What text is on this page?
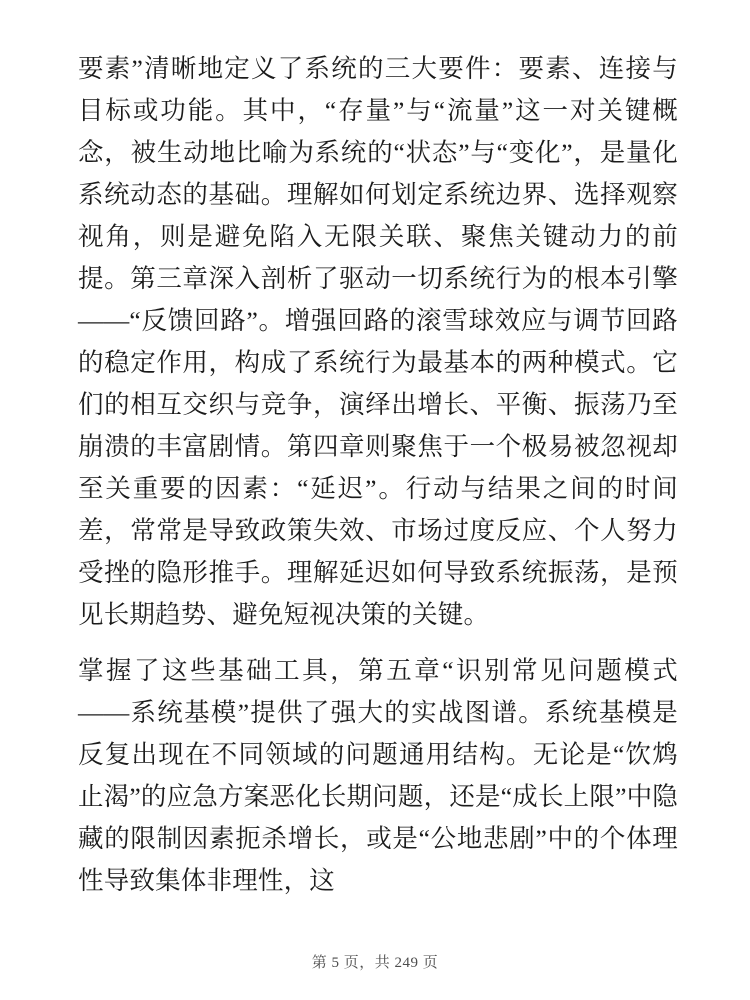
要素”清晰地定义了系统的三大要件：要素、连接与目标或功能。其中，“存量”与“流量”这一对关键概念，被生动地比喻为系统的“状态”与“变化”，是量化系统动态的基础。理解如何划定系统边界、选择观察视角，则是避免陷入无限关联、聚焦关键动力的前提。第三章深入剖析了驱动一切系统行为的根本引擎——“反馈回路”。增强回路的滚雪球效应与调节回路的稳定作用，构成了系统行为最基本的两种模式。它们的相互交织与竞争，演绎出增长、平衡、振荡乃至崩溃的丰富剧情。第四章则聚焦于一个极易被忽视却至关重要的因素：“延迟”。行动与结果之间的时间差，常常是导致政策失效、市场过度反应、个人努力受挫的隐形推手。理解延迟如何导致系统振荡，是预见长期趋势、避免短视决策的关键。

掌握了这些基础工具，第五章“识别常见问题模式——系统基模”提供了强大的实战图谱。系统基模是反复出现在不同领域的问题通用结构。无论是“饮鸩止渴”的应急方案恶化长期问题，还是“成长上限”中隐藏的限制因素扼杀增长，或是“公地悲剧”中的个体理性导致集体非理性，这

第 5 页，共 249 页
